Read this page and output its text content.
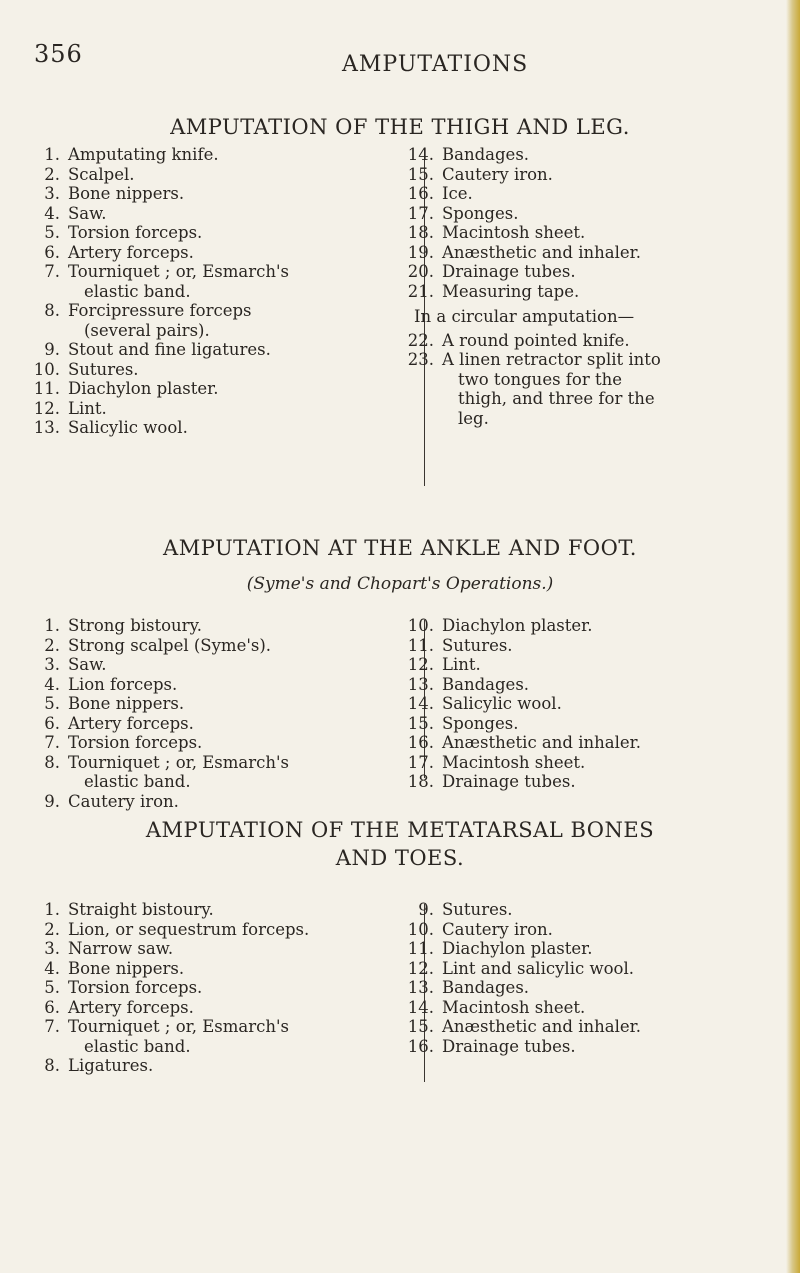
356	AMPUTATIONS
AMPUTATION OF THE THIGH AND LEG.
1 . Amputating knife.
2 . Scalpel.
3 . Bone nippers.
4 . Saw.
5 . Torsion forceps.
6 . Artery forceps.
7 . Tourniquet ; or, Esmarch's
elastic band.
8 . Forcipressure forceps
(several pairs).
9 . Stout and fine ligatures.
10 . Sutures.
11 . Diachylon plaster.
12 . Lint.
13 . Salicylic wool.
14 . Bandages.
15 . Cautery iron.
16 . Ice.
17 . Sponges.
18 . Macintosh sheet.
19 . Anæsthetic and inhaler.
20 . Drainage tubes.
21 . Measuring tape.
In a circular amputation—
22 . A round pointed knife.
23 . A linen retractor split into
two tongues for the
thigh, and three for the
leg.
AMPUTATION AT THE ANKLE AND FOOT.
(Syme's and Chopart's Operations.)
1 . Strong bistoury.
2 . Strong scalpel (Syme's).
3 . Saw.
4 . Lion forceps.
5 . Bone nippers.
6 . Artery forceps.
7 . Torsion forceps.
8 . Tourniquet ; or, Esmarch's
elastic band.
9 . Cautery iron.
10 . Diachylon plaster.
11 . Sutures.
12 . Lint.
13 . Bandages.
14 . Salicylic wool.
15 . Sponges.
16 . Anæsthetic and inhaler.
17 . Macintosh sheet.
18 . Drainage tubes.
AMPUTATION OF THE METATARSAL BONES
AND TOES.
1 . Straight bistoury.
2 . Lion, or sequestrum forceps.
3 . Narrow saw.
4 . Bone nippers.
5 . Torsion forceps.
6 . Artery forceps.
7 . Tourniquet ; or, Esmarch's
elastic band.
8 . Ligatures.
9 . Sutures.
10 . Cautery iron.
11 . Diachylon plaster.
12 . Lint and salicylic wool.
13 . Bandages.
14 . Macintosh sheet.
15 . Anæsthetic and inhaler.
16 . Drainage tubes.
